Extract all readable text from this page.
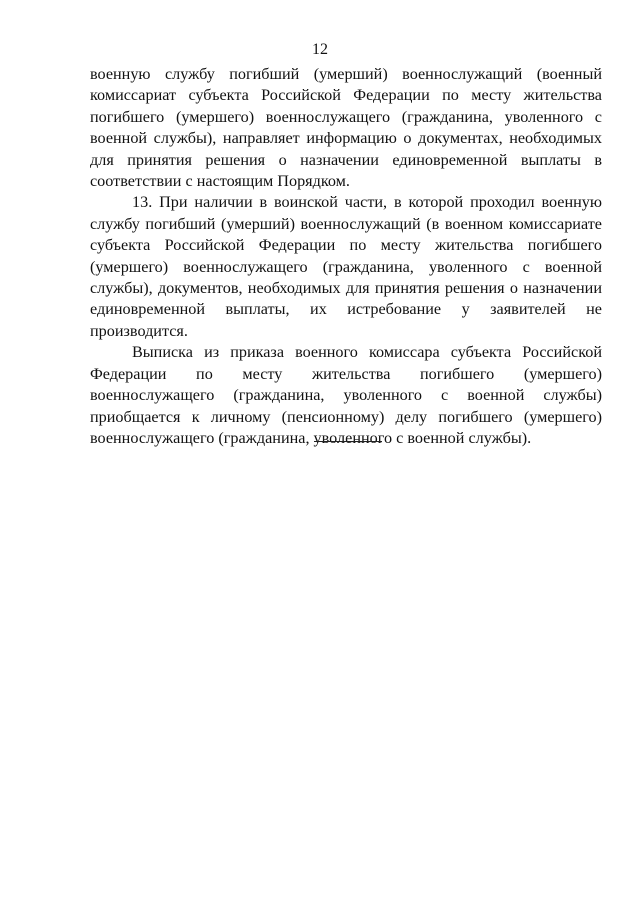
12

военную службу погибший (умерший) военнослужащий (военный комиссариат субъекта Российской Федерации по месту жительства погибшего (умершего) военнослужащего (гражданина, уволенного с военной службы), направляет информацию о документах, необходимых для принятия решения о назначении единовременной выплаты в соответствии с настоящим Порядком.

13. При наличии в воинской части, в которой проходил военную службу погибший (умерший) военнослужащий (в военном комиссариате субъекта Российской Федерации по месту жительства погибшего (умершего) военнослужащего (гражданина, уволенного с военной службы), документов, необходимых для принятия решения о назначении единовременной выплаты, их истребование у заявителей не производится.

Выписка из приказа военного комиссара субъекта Российской Федерации по месту жительства погибшего (умершего) военнослужащего (гражданина, уволенного с военной службы) приобщается к личному (пенсионному) делу погибшего (умершего) военнослужащего (гражданина, уволенного с военной службы).
